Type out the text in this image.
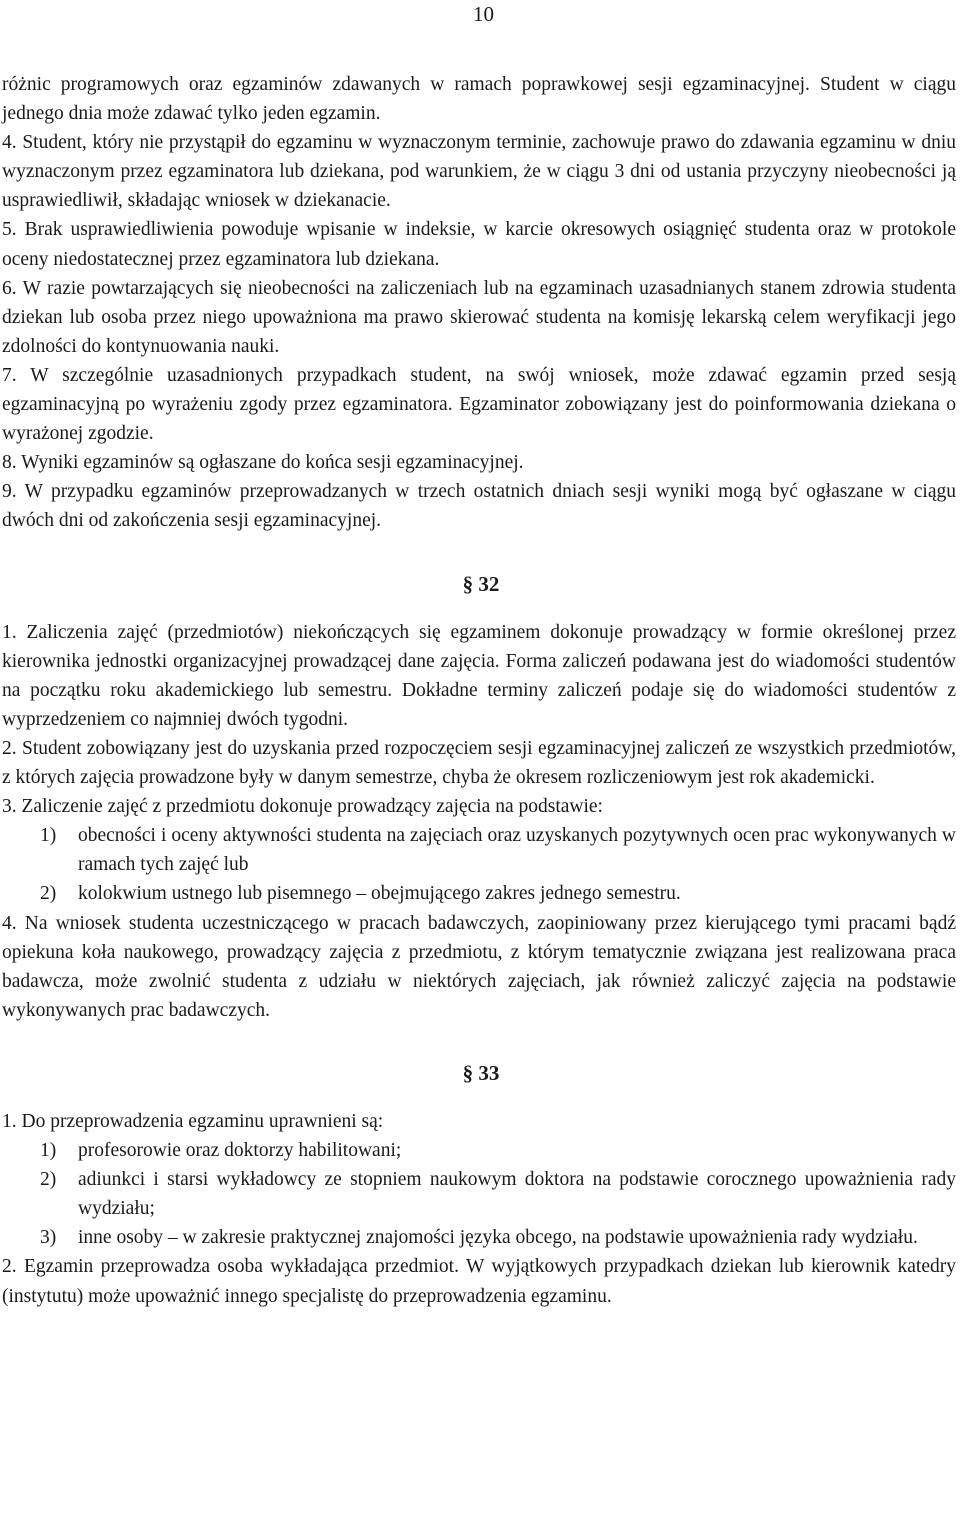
10

różnic programowych oraz egzaminów zdawanych w ramach poprawkowej sesji egzaminacyjnej. Student w ciągu jednego dnia może zdawać tylko jeden egzamin.

4. Student, który nie przystąpił do egzaminu w wyznaczonym terminie, zachowuje prawo do zdawania egzaminu w dniu wyznaczonym przez egzaminatora lub dziekana, pod warunkiem, że w ciągu 3 dni od ustania przyczyny nieobecności ją usprawiedliwił, składając wniosek w dziekanacie.

5. Brak usprawiedliwienia powoduje wpisanie w indeksie, w karcie okresowych osiągnięć studenta oraz w protokole oceny niedostatecznej przez egzaminatora lub dziekana.

6. W razie powtarzających się nieobecności na zaliczeniach lub na egzaminach uzasadnianych stanem zdrowia studenta dziekan lub osoba przez niego upoważniona ma prawo skierować studenta na komisję lekarską celem weryfikacji jego zdolności do kontynuowania nauki.

7. W szczególnie uzasadnionych przypadkach student, na swój wniosek, może zdawać egzamin przed sesją egzaminacyjną po wyrażeniu zgody przez egzaminatora. Egzaminator zobowiązany jest do poinformowania dziekana o wyrażonej zgodzie.

8. Wyniki egzaminów są ogłaszane do końca sesji egzaminacyjnej.

9. W przypadku egzaminów przeprowadzanych w trzech ostatnich dniach sesji wyniki mogą być ogłaszane w ciągu dwóch dni od zakończenia sesji egzaminacyjnej.

§ 32

1. Zaliczenia zajęć (przedmiotów) niekończących się egzaminem dokonuje prowadzący w formie określonej przez kierownika jednostki organizacyjnej prowadzącej dane zajęcia. Forma zaliczeń podawana jest do wiadomości studentów na początku roku akademickiego lub semestru. Dokładne terminy zaliczeń podaje się do wiadomości studentów z wyprzedzeniem co najmniej dwóch tygodni.

2. Student zobowiązany jest do uzyskania przed rozpoczęciem sesji egzaminacyjnej zaliczeń ze wszystkich przedmiotów, z których zajęcia prowadzone były w danym semestrze, chyba że okresem rozliczeniowym jest rok akademicki.

3. Zaliczenie zajęć z przedmiotu dokonuje prowadzący zajęcia na podstawie:

1)	obecności i oceny aktywności studenta na zajęciach oraz uzyskanych pozytywnych ocen prac wykonywanych w ramach tych zajęć lub
2)	kolokwium ustnego lub pisemnego – obejmującego zakres jednego semestru.

4. Na wniosek studenta uczestniczącego w pracach badawczych, zaopiniowany przez kierującego tymi pracami bądź opiekuna koła naukowego, prowadzący zajęcia z przedmiotu, z którym tematycznie związana jest realizowana praca badawcza, może zwolnić studenta z udziału w niektórych zajęciach, jak również zaliczyć zajęcia na podstawie wykonywanych prac badawczych.

§ 33

1. Do przeprowadzenia egzaminu uprawnieni są:

1)	profesorowie oraz doktorzy habilitowani;
2)	adiunkci i starsi wykładowcy ze stopniem naukowym doktora na podstawie corocznego upoważnienia rady wydziału;
3)	inne osoby – w zakresie praktycznej znajomości języka obcego, na podstawie upoważnienia rady wydziału.

2. Egzamin przeprowadza osoba wykładająca przedmiot. W wyjątkowych przypadkach dziekan lub kierownik katedry (instytutu) może upoważnić innego specjalistę do przeprowadzenia egzaminu.
